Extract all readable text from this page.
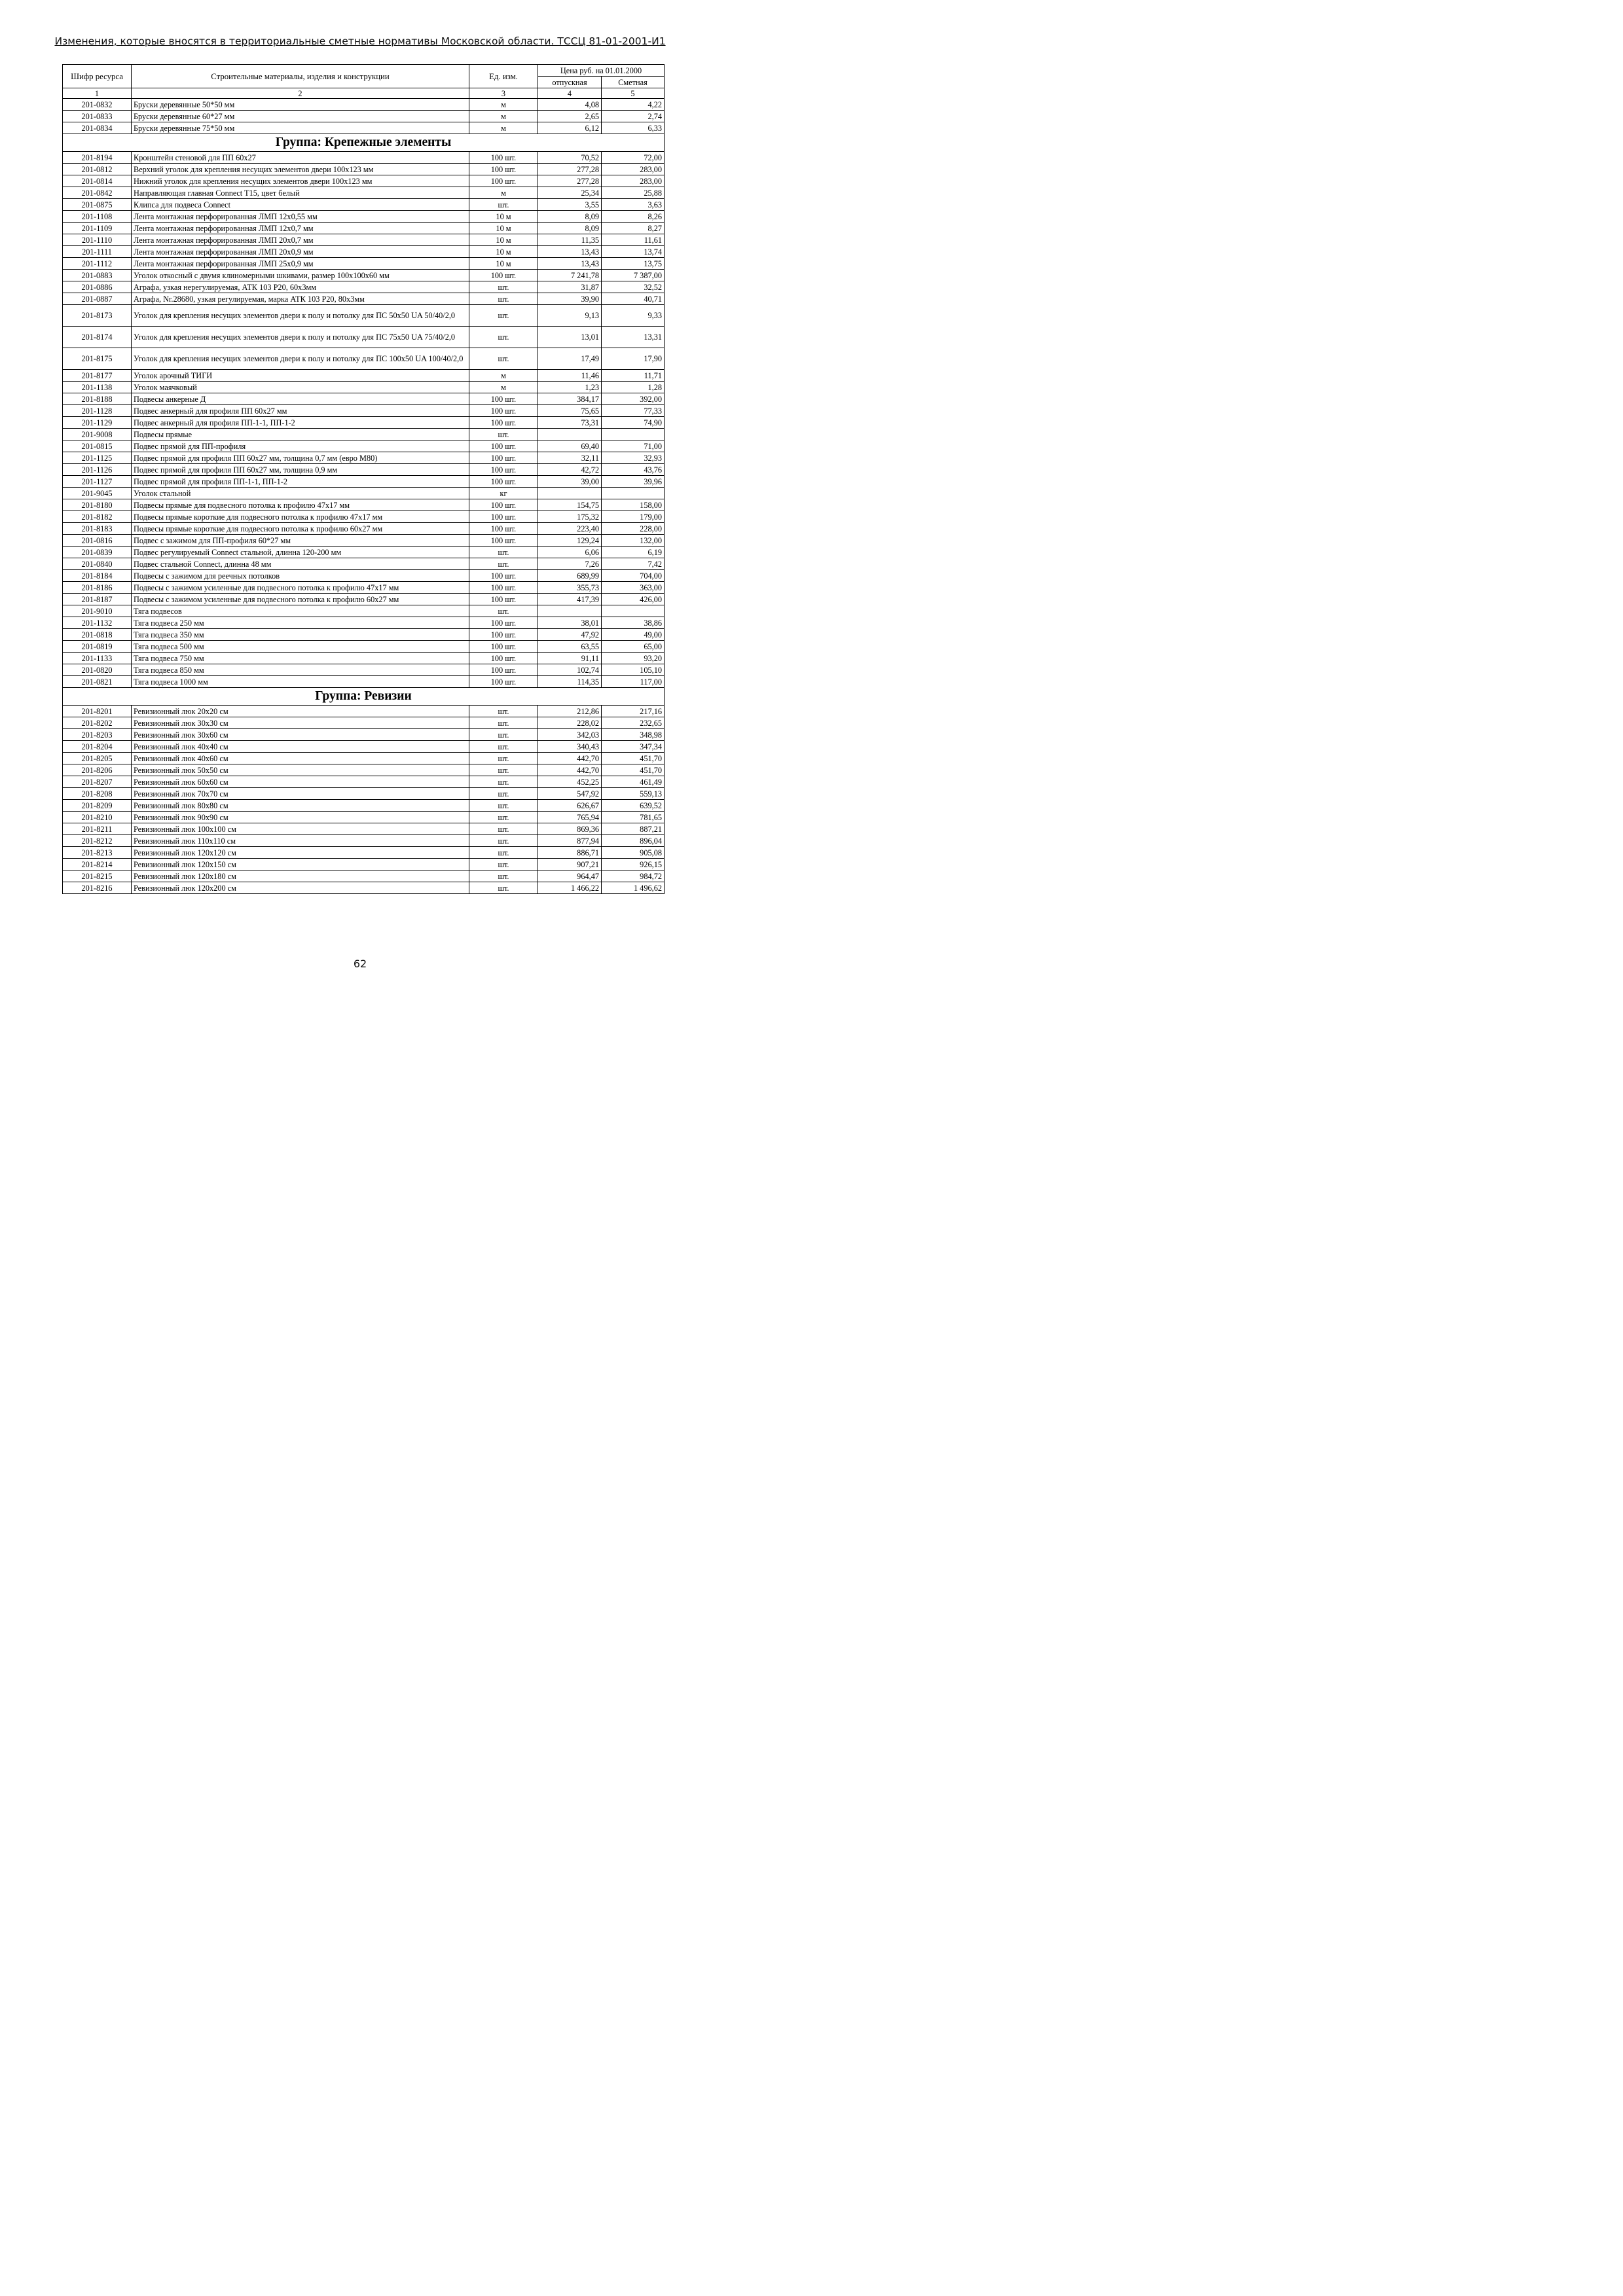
Изменения, которые вносятся в территориальные сметные нормативы Московской области. ТССЦ 81-01-2001-И1
Шифр ресурса	Строительные материалы, изделия и конструкции	Ед. изм.	Цена руб. на 01.01.2000	
			отпускная	Сметная
1	2	3	4	5
201-0832	Бруски деревянные 50*50 мм	м	4,08	4,22
201-0833	Бруски деревянные 60*27 мм	м	2,65	2,74
201-0834	Бруски деревянные 75*50 мм	м	6,12	6,33
Группа: Крепежные элементы				
201-8194	Кронштейн стеновой для ПП 60х27	100 шт.	70,52	72,00
201-0812	Верхний уголок для крепления несущих элементов двери 100х123 мм	100 шт.	277,28	283,00
201-0814	Нижний уголок для крепления несущих элементов двери 100х123 мм	100 шт.	277,28	283,00
201-0842	Направляющая главная Connect T15, цвет белый	м	25,34	25,88
201-0875	Клипса для подвеса Connect	шт.	3,55	3,63
201-1108	Лента монтажная перфорированная ЛМП 12х0,55 мм	10 м	8,09	8,26
201-1109	Лента монтажная перфорированная ЛМП 12х0,7 мм	10 м	8,09	8,27
201-1110	Лента монтажная перфорированная ЛМП 20х0,7 мм	10 м	11,35	11,61
201-1111	Лента монтажная перфорированная ЛМП 20х0,9 мм	10 м	13,43	13,74
201-1112	Лента монтажная перфорированная ЛМП 25х0,9 мм	10 м	13,43	13,75
201-0883	Уголок откосный с двумя клиномерными шкивами, размер 100х100х60 мм	100 шт.	7 241,78	7 387,00
201-0886	Аграфа, узкая нерегулируемая, АТК 103 Р20, 60х3мм	шт.	31,87	32,52
201-0887	Аграфа, Nr.28680, узкая регулируемая, марка АТК 103 Р20, 80х3мм	шт.	39,90	40,71
201-8173	Уголок для крепления несущих элементов двери к полу и потолку для ПС 50х50 UA 50/40/2,0	шт.	9,13	9,33
201-8174	Уголок для крепления несущих элементов двери к полу и потолку для ПС 75х50 UA 75/40/2,0	шт.	13,01	13,31
201-8175	Уголок для крепления несущих элементов двери к полу и потолку для ПС 100х50 UA 100/40/2,0	шт.	17,49	17,90
201-8177	Уголок арочный ТИГИ	м	11,46	11,71
201-1138	Уголок маячковый	м	1,23	1,28
201-8188	Подвесы анкерные Д	100 шт.	384,17	392,00
201-1128	Подвес анкерный для профиля ПП 60х27 мм	100 шт.	75,65	77,33
201-1129	Подвес анкерный для профиля ПП-1-1, ПП-1-2	100 шт.	73,31	74,90
201-9008	Подвесы прямые	шт.		
201-0815	Подвес прямой для ПП-профиля	100 шт.	69,40	71,00
201-1125	Подвес прямой для профиля ПП 60х27 мм, толщина 0,7 мм (евро М80)	100 шт.	32,11	32,93
201-1126	Подвес прямой для профиля ПП 60х27 мм, толщина 0,9 мм	100 шт.	42,72	43,76
201-1127	Подвес прямой для профиля ПП-1-1, ПП-1-2	100 шт.	39,00	39,96
201-9045	Уголок стальной	кг		
201-8180	Подвесы прямые для подвесного потолка к профилю 47х17 мм	100 шт.	154,75	158,00
201-8182	Подвесы прямые короткие для подвесного потолка к профилю 47х17 мм	100 шт.	175,32	179,00
201-8183	Подвесы прямые короткие для подвесного потолка к профилю 60х27 мм	100 шт.	223,40	228,00
201-0816	Подвес с зажимом для ПП-профиля 60*27 мм	100 шт.	129,24	132,00
201-0839	Подвес регулируемый Connect стальной, длинна 120-200 мм	шт.	6,06	6,19
201-0840	Подвес стальной Connect, длинна 48 мм	шт.	7,26	7,42
201-8184	Подвесы с зажимом для реечных потолков	100 шт.	689,99	704,00
201-8186	Подвесы с зажимом усиленные для подвесного потолка к профилю 47х17 мм	100 шт.	355,73	363,00
201-8187	Подвесы с зажимом усиленные для подвесного потолка к профилю 60х27 мм	100 шт.	417,39	426,00
201-9010	Тяга подвесов	шт.		
201-1132	Тяга подвеса 250 мм	100 шт.	38,01	38,86
201-0818	Тяга подвеса 350 мм	100 шт.	47,92	49,00
201-0819	Тяга подвеса 500 мм	100 шт.	63,55	65,00
201-1133	Тяга подвеса 750 мм	100 шт.	91,11	93,20
201-0820	Тяга подвеса 850 мм	100 шт.	102,74	105,10
201-0821	Тяга подвеса 1000 мм	100 шт.	114,35	117,00
Группа: Ревизии				
201-8201	Ревизионный люк 20х20 см	шт.	212,86	217,16
201-8202	Ревизионный люк 30х30 см	шт.	228,02	232,65
201-8203	Ревизионный люк 30х60 см	шт.	342,03	348,98
201-8204	Ревизионный люк 40х40 см	шт.	340,43	347,34
201-8205	Ревизионный люк 40х60 см	шт.	442,70	451,70
201-8206	Ревизионный люк 50х50 см	шт.	442,70	451,70
201-8207	Ревизионный люк 60х60 см	шт.	452,25	461,49
201-8208	Ревизионный люк 70х70 см	шт.	547,92	559,13
201-8209	Ревизионный люк 80х80 см	шт.	626,67	639,52
201-8210	Ревизионный люк 90х90 см	шт.	765,94	781,65
201-8211	Ревизионный люк 100х100 см	шт.	869,36	887,21
201-8212	Ревизионный люк 110х110 см	шт.	877,94	896,04
201-8213	Ревизионный люк 120х120 см	шт.	886,71	905,08
201-8214	Ревизионный люк 120х150 см	шт.	907,21	926,15
201-8215	Ревизионный люк 120х180 см	шт.	964,47	984,72
201-8216	Ревизионный люк 120х200 см	шт.	1 466,22	1 496,62
62
